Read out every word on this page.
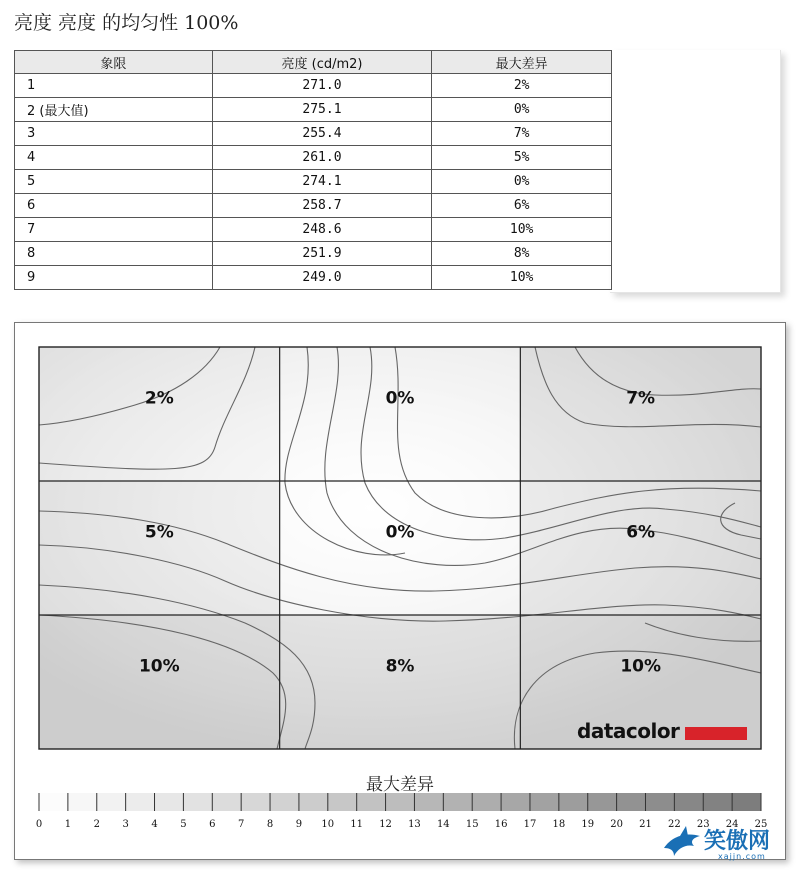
亮度 亮度 的均匀性 100%
象限	亮度 (cd/m2)	最大差异
1	271.0	2%
2 (最大值)	275.1	0%
3	255.4	7%
4	261.0	5%
5	274.1	0%
6	258.7	6%
7	248.6	10%
8	251.9	8%
9	249.0	10%
2%	0%	7%
5%	0%	6%
10%	8%	10%
0 1 2 3 4 5 6 7 8 9 10 11 12 13 14 15 16 17 18 19 20 21 22 23 24 25
datacolor
最大差异
笑傲网
xajjn.com
